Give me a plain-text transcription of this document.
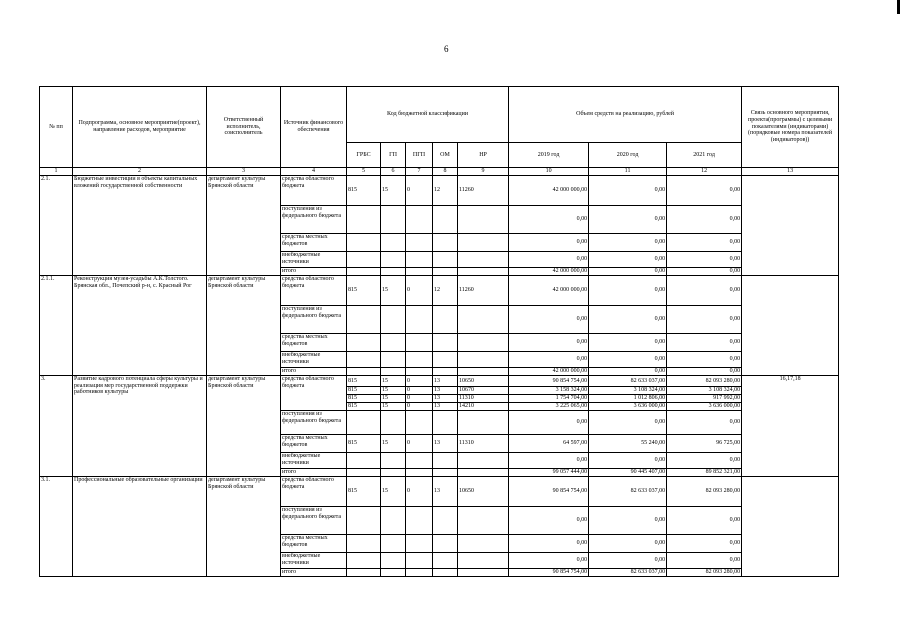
6
№ пп	Подпрограмма, основное мероприятие(проект), направление расходов, мероприятие	Ответственный исполнитель, соисполнитель	Источник финансового обеспечения	Код бюджетной классификации					Объем средств на реализацию, рублей			Связь основного мероприятия, проекта(программы) с целевыми показателями (индикаторами) (порядковые номера показателей (индикаторов))
				ГРБС	ГП	ПГП	ОМ	НР	2019 год	2020 год	2021 год	
1	2	3	4	5	6	7	8	9	10	11	12	13
2.1.	Бюджетные инвестиции в объекты капитальных вложений государственной собственности	департамент культуры Брянской области	средства областного бюджета	815	15	0	12	11260	42 000 000,00	0,00	0,00	
			поступления из федерального бюджета						0,00	0,00	0,00	
			средства местных бюджетов						0,00	0,00	0,00	
			внебюджетные источники						0,00	0,00	0,00	
			итого						42 000 000,00	0,00	0,00	
2.1.1.	Реконструкция музея-усадьбы А.К.Толстого. Брянская обл., Почепский р-н, с. Красный Рог	департамент культуры Брянской области	средства областного бюджета	815	15	0	12	11260	42 000 000,00	0,00	0,00	
			поступления из федерального бюджета						0,00	0,00	0,00	
			средства местных бюджетов						0,00	0,00	0,00	
			внебюджетные источники						0,00	0,00	0,00	
			итого						42 000 000,00	0,00	0,00	
3.	Развитие кадрового потенциала сферы культуры и реализация мер государственной поддержки работников культуры	департамент культуры Брянской области	средства областного бюджета	815	15	0	13	10650	90 854 754,00	82 633 037,00	82 093 280,00	16,17,18
				815	15	0	13	10670	3 158 324,00	3 108 324,00	3 108 324,00	
				815	15	0	13	11310	1 754 704,00	1 012 806,00	917 992,00	
				815	15	0	13	14210	3 225 065,00	3 636 000,00	3 636 000,00	
			поступления из федерального бюджета						0,00	0,00	0,00	
			средства местных бюджетов	815	15	0	13	11310	64 597,00	55 240,00	96 725,00	
			внебюджетные источники						0,00	0,00	0,00	
			итого						99 057 444,00	90 445 407,00	89 852 321,00	
3.1.	Профессиональные образовательные организации	департамент культуры Брянской области	средства областного бюджета	815	15	0	13	10650	90 854 754,00	82 633 037,00	82 093 280,00	
			поступления из федерального бюджета						0,00	0,00	0,00	
			средства местных бюджетов						0,00	0,00	0,00	
			внебюджетные источники						0,00	0,00	0,00	
			итого						90 854 754,00	82 633 037,00	82 093 280,00	
